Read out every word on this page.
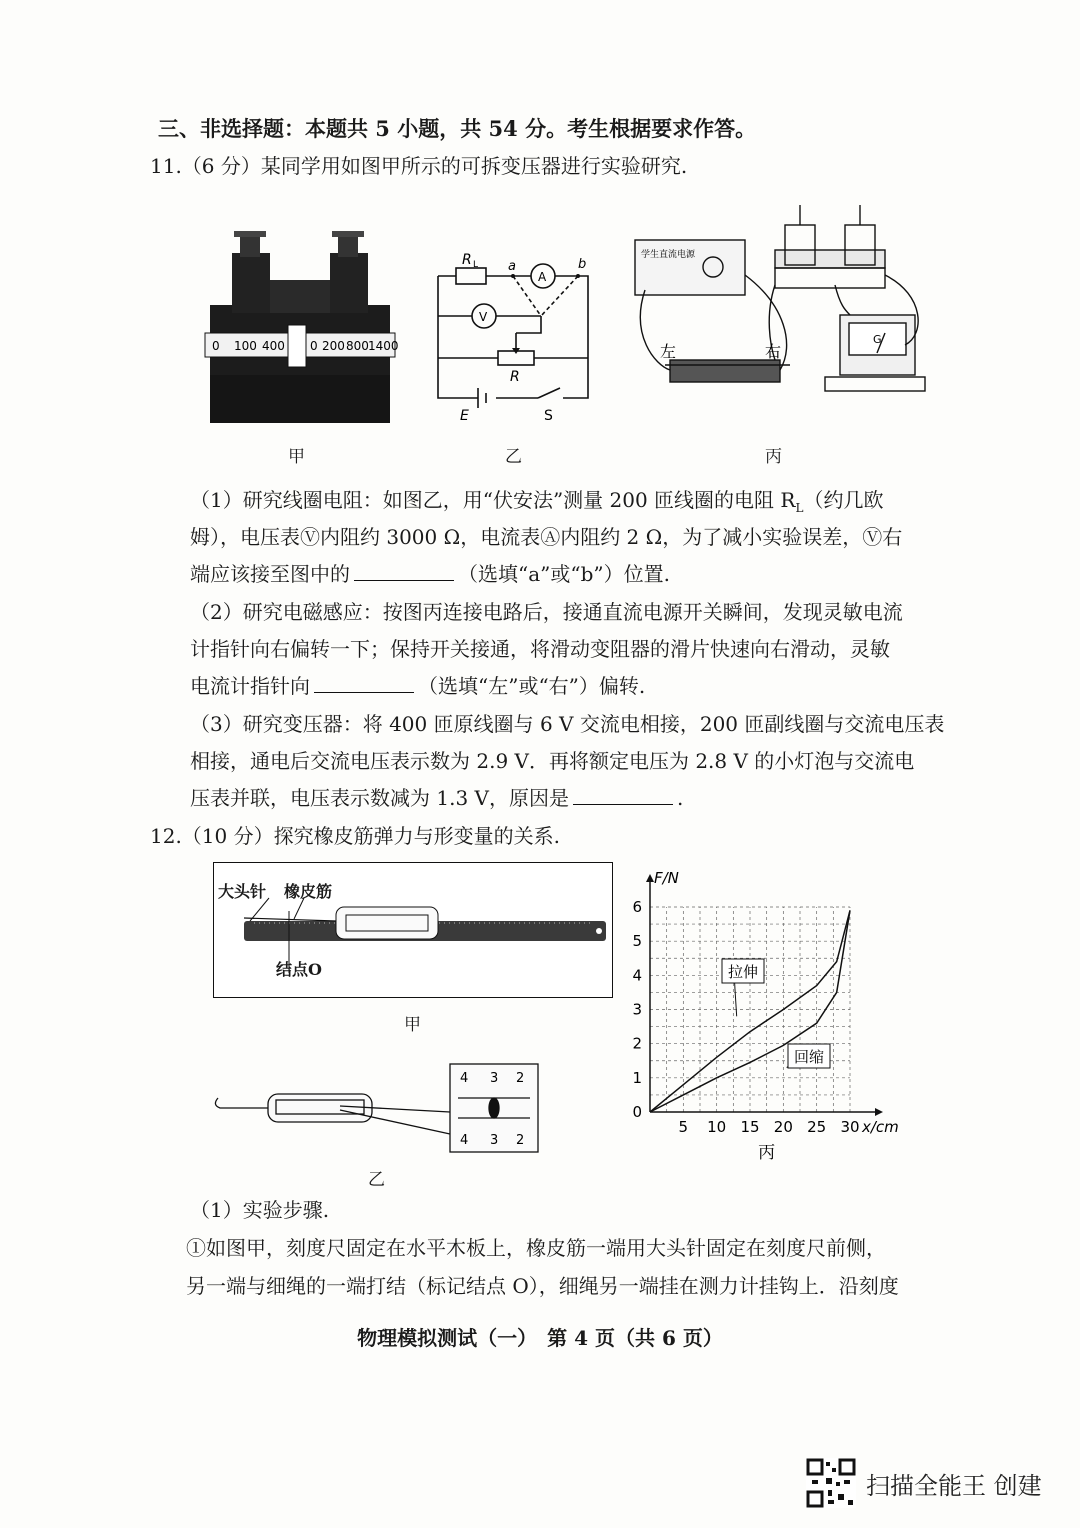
三、非选择题：本题共 5 小题，共 54 分。考生根据要求作答。
11.（6 分）某同学用如图甲所示的可拆变压器进行实验研究.
0 100 400 0 200 800 1400
甲
R L a	b
A
V
R
E	S
乙
学生直流电源
G
左	右
丙
（1）研究线圈电阻：如图乙，用“伏安法”测量 200 匝线圈的电阻 $R_L$（约几欧
姆），电压表Ⓥ内阻约 3000 Ω，电流表Ⓐ内阻约 2 Ω，为了减小实验误差，Ⓥ右
端应该接至图中的	（选填“a”或“b”）位置.
（2）研究电磁感应：按图丙连接电路后，接通直流电源开关瞬间，发现灵敏电流
计指针向右偏转一下；保持开关接通，将滑动变阻器的滑片快速向右滑动，灵敏
电流计指针向	（选填“左”或“右”）偏转.
（3）研究变压器：将 400 匝原线圈与 6 V 交流电相接，200 匝副线圈与交流电压表
相接，通电后交流电压表示数为 2.9 V．再将额定电压为 2.8 V 的小灯泡与交流电
压表并联，电压表示数减为 1.3 V，原因是	.
12.（10 分）探究橡皮筋弹力与形变量的关系.
大头针 橡皮筋
结点O
甲
4 3 2
4 3 2
乙
5 10 15 20 25 30
0
1
2
3
4
5
6
x/cm
F/N
拉伸
回缩
丙
（1）实验步骤.
①如图甲，刻度尺固定在水平木板上，橡皮筋一端用大头针固定在刻度尺前侧，
另一端与细绳的一端打结（标记结点 O），细绳另一端挂在测力计挂钩上．沿刻度
物理模拟测试（一）　第 4 页（共 6 页）
扫描全能王 创建
